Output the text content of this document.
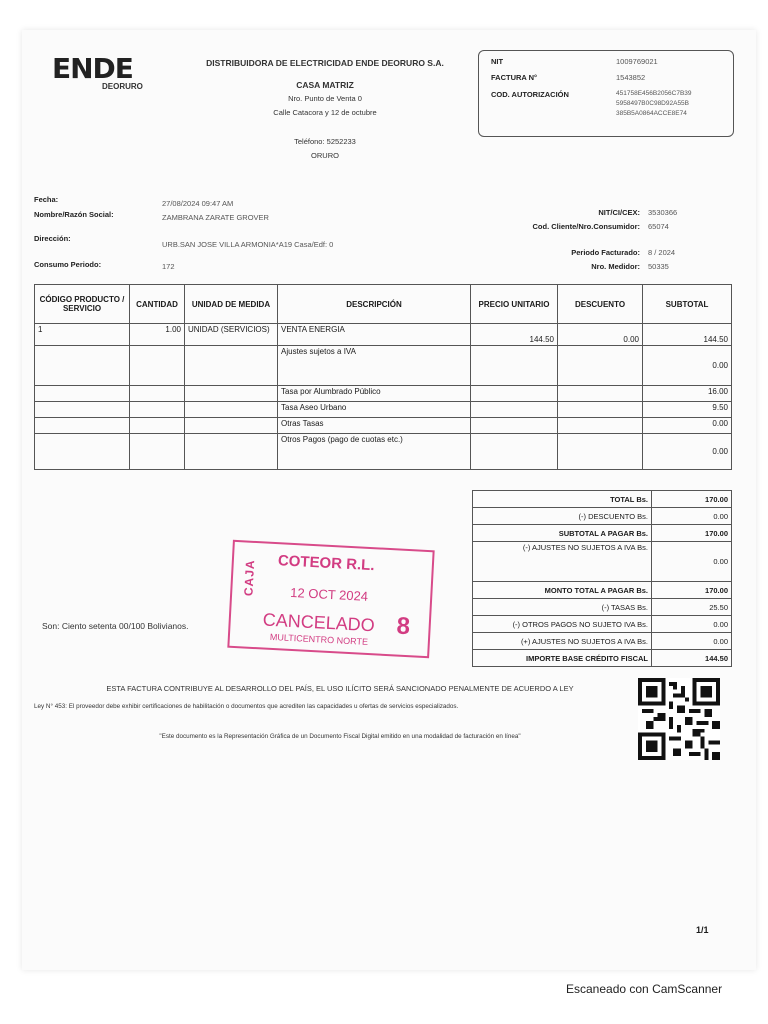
ENDE
DEORURO
DISTRIBUIDORA DE ELECTRICIDAD ENDE DEORURO S.A.
CASA MATRIZ
Nro. Punto de Venta 0
Calle Catacora y 12 de octubre
Teléfono: 5252233
ORURO
NIT	1009769021
FACTURA N°	1543852
COD. AUTORIZACIÓN	451758E456B2056C7B39
5958497B0C98D92A55B
385B5A0864ACCE8E74
Fecha:	27/08/2024 09:47 AM
Nombre/Razón Social:	ZAMBRANA ZARATE GROVER
Dirección:
URB.SAN JOSE VILLA ARMONIA*A19 Casa/Edf: 0
Consumo Periodo:	172
NIT/CI/CEX: 3530366
Cod. Cliente/Nro.Consumidor: 65074
Periodo Facturado: 8 / 2024
Nro. Medidor: 50335
CÓDIGO PRODUCTO / SERVICIO	CANTIDAD	UNIDAD DE MEDIDA	DESCRIPCIÓN	PRECIO UNITARIO	DESCUENTO	SUBTOTAL
1	1.00	UNIDAD (SERVICIOS)	VENTA ENERGIA	144.50	0.00	144.50
			Ajustes sujetos a IVA			0.00
			Tasa por Alumbrado Público			16.00
			Tasa Aseo Urbano			9.50
			Otras Tasas			0.00
			Otros Pagos (pago de cuotas etc.)			0.00
TOTAL Bs.	170.00
(-) DESCUENTO Bs.	0.00
SUBTOTAL A PAGAR Bs.	170.00
(-) AJUSTES NO SUJETOS A IVA Bs.	0.00
MONTO TOTAL A PAGAR Bs.	170.00
(-) TASAS Bs.	25.50
(-) OTROS PAGOS NO SUJETO IVA Bs.	0.00
(+) AJUSTES NO SUJETOS A IVA Bs.	0.00
IMPORTE BASE CRÉDITO FISCAL	144.50
Son: Ciento setenta 00/100 Bolivianos.
CAJA COTEOR R.L.
12 OCT 2024
CANCELADO 8
MULTICENTRO NORTE
ESTA FACTURA CONTRIBUYE AL DESARROLLO DEL PAÍS, EL USO ILÍCITO SERÁ SANCIONADO PENALMENTE DE ACUERDO A LEY
Ley N° 453: El proveedor debe exhibir certificaciones de habilitación o documentos que acrediten las capacidades u ofertas de servicios especializados.
"Este documento es la Representación Gráfica de un Documento Fiscal Digital emitido en una modalidad de facturación en línea"
1/1
Escaneado con CamScanner
